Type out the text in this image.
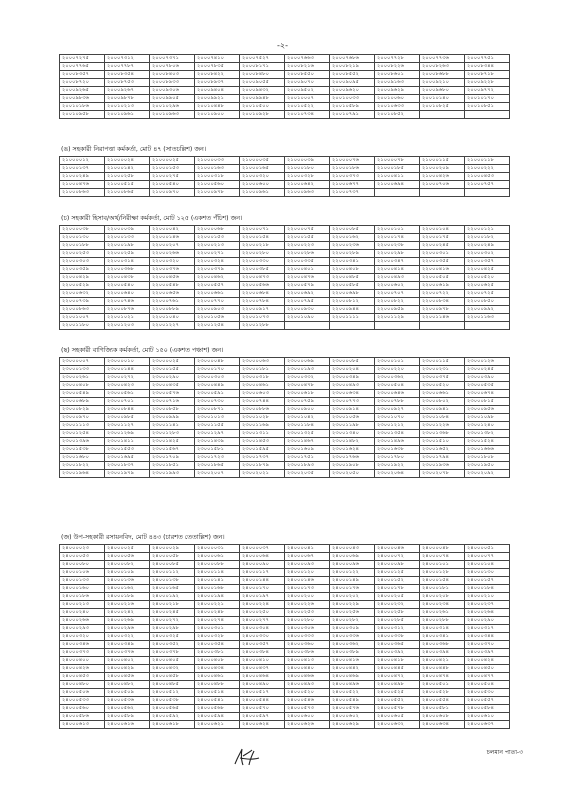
-২-
২০০০৭২৭৫	২০০০৭৩১২	২০০০৭৩৭১	২০০০৭৪১০	২০০০৭৫২৭	২০০০৭৬৬৩	২০০০৭৬৮৬	২০০০৭৭২৮	২০০০৭৭৩৬	২০০০৭৭৫১
২০০০৭৭৬৫	২০০০৭৭৮৭	২০০০৭৮০৬	২০০০৭৮৩৫	২০০০৮১৭১	২০০০৮২১৬	২০০০৮২১৯	২০০০৮২২৬	২০০০৮২৬৩	২০০০৮৩৪৪
২০০০৮৩৫৭	২০০০৮৩৫৪	২০০০৮৪০৩	২০০০৮৪২২	২০০০৮৪৮০	২০০০৮৫৫০	২০০০৮৫৫২	২০০০৮৬০১	২০০০৮৬৮৮	২০০০৮৭১৮
২০০০৮৭২০	২০০০৮৭৫৩	২০০০৮৯৩৩	২০০০৮৯৩৭	২০০০৯০৫৫	২০০০৯০৭০	২০০০৯০৯৫	২০০০৯১৬৩	২০০০৯২১০	২০০০৯২২৮
২০০০৯২৬৫	২০০০৯২৬৭	২০০০৯৩০৬	২০০০৯৪০৪	২০০০৯৪৩২	২০০০৯৫০২	২০০০৯৬২০	২০০০৯৬২৯	২০০০৯৬৮০	২০০০৯৭৭২
২০০০৯৮৩৬	২০০০৯৮৭৮	২০০০৯৯০৫	২০০০৯৯২১	২০০০৯৯৪৮	২০০১০০০৭	২০০১০০৩৩	২০০১০০৬০	২০০১০১৪০	২০০১০১৭০
২০০১০১৮৬	২০০১০২১৩	২০০১০২৯৬	২০০১০৪৪৮	২০০১০৫০০	২০০১০৫২২	২০০১০৫৮৯	২০০১০৬৩৩	২০০১০৮২৫	২০০১০৮৫১
২০০১০৯৫৮	২০০১০৯৬১	২০০১০৯৬৩	২০০১০৯০০	২০০১০৯২৮	২০০১০৭৩৪	২০০১০৭৯১	২০০১০৮৫২		
(ঙ) সহকারী নিরাপত্তা কর্মকর্তা, মোট ৪৭ (সাতচল্লিশ) জন।
২১০০০০১২	২১০০০০২৪	২১০০০০২৫	২১০০০০৩৩	২১০০০০৩৫	২১০০০০৩৯	২১০০০০৭৬	২১০০০০৭৮	২১০০০১১৫	২১০০০১১৮
২১০০০১৩৭	২১০০০১৪২	২১০০০১৫৩	২১০০০১৬৩	২১০০০১৬৫	২১০০০১৮০	২১০০০১৮৬	২১০০০১৮৫	২১০০০২০৯	২১০০০২২২
২১০০০২৪৯	২১০০০২৫৮	২১০০০২৭৫	২১০০০৩১৮	২১০০০৩২০	২১০০০৩২৮	২১০০০৩৭৩	২১০০০৪১১	২১০০০৪২৬	২১০০০৪৫৩
২১০০০৪৭৬	২১০০০৫১৫	২১০০০৫৪০	২১০০০৫৬০	২১০০০৬০০	২১০০০৬৪২	২১০০০৬৭৭	২১০০০৬৯৪	২১০০০৭০৬	২১০০০৭৫৭
২১০০০৮৬৩	২১০০০৮৬৫	২১০০০৯৭০	২১০০০৯৭৮	২১০০০৯৬১	২১০০০৯৬৩	২১০০০৭৩৭			
(চ) সহকারী হিসাব/অর্থ/নিরীক্ষা কর্মকর্তা, মোট ১২৫ (একশত পঁচিশ) জন।
২২০০০০৩৮	২২০০০০৩৯	২২০০০০৪২	২২০০০০৬৮	২২০০০০৭১	২২০০০০৭৫	২২০০০০৮৫	২২০০০১০১	২২০০০১০৪	২২০০০১২১
২২০০০১৩০	২২০০০১৩৩	২২০০০১৪৬	২২০০০১৫৩	২২০০০১৫৪	২২০০০১৫৫	২২০০০১৬২	২২০০০১৭৪	২২০০০১৭৫	২২০০০১৮২
২২০০০১৮৮	২২০০০১৯৮	২২০০০২০৭	২২০০০২১৩	২২০০০২১৮	২২০০০২২৩	২২০০০২৩৬	২২০০০২৩৮	২২০০০২৪৫	২২০০০২৪৯
২২০০০২৫৩	২২০০০২৫৯	২২০০০২৬৬	২২০০০২৭১	২২০০০২৮০	২২০০০২৮৬	২২০০০২৮৯	২২০০০২৯৮	২২০০০৩০১	২২০০০৩০২
২২০০০৩০৩	২২০০০৩১৪	২২০০০৩২০	২২০০০৩২৪	২২০০০৩৩০	২২০০০৩৩৫	২২০০০৩৪১	২২০০০৩৪৭	২২০০০৩৫৫	২২০০০৩৫৭
২২০০০৩৫৯	২২০০০৩৬৮	২২০০০৩৭৬	২২০০০৩৭৯	২২০০০৩৮৫	২২০০০৪০১	২২০০০৪০৮	২২০০০৪১৪	২২০০০৪১৬	২২০০০৪২৫
২২০০০৪২৯	২২০০০৪৩৮	২২০০০৪৫৬	২২০০০৪৬২	২২০০০৪৭৩	২২০০০৪৭৬	২২০০০৪৮৫	২২০০০৪৯৩	২২০০০৫০৫	২২০০০৫২০
২২০০০৫২৯	২২০০০৫৪০	২২০০০৫৪৮	২২০০০৫৫৭	২২০০০৫৬৬	২২০০০৫৭৯	২২০০০৫৮৫	২২০০০৬০২	২২০০০৬১৯	২২০০০৬২৫
২২০০০৬৩২	২২০০০৬৪০	২২০০০৬৫৬	২২০০০৬৬১	২২০০০৬৮৪	২২০০০৬৯২	২২০০০৬৯৮	২২০০০৭০৭	২২০০০৭২২	২২০০০৭২৫
২২০০০৭৩৯	২২০০০৭৪৬	২২০০০৭৬১	২২০০০৭৭০	২২০০০৭৮৪	২২০০০৭৯৫	২২০০০৮১২	২২০০০৮২২	২২০০০৮৩৪	২২০০০৮৫০
২২০০০৮৬৩	২২০০০৮৭৬	২২০০০৮৮৯	২২০০০৯০৩	২২০০০৯১৭	২২০০০৯৩০	২২০০০৯৪৪	২২০০০৯৫৯	২২০০০৯৭৮	২২০০০৯৯২
২২০০১০০৭	২২০০১০২১	২২০০১০৪০	২২০০১০৫৬	২২০০১০৭৩	২২০০১০৯০	২২০০১১১১	২২০০১১২৯	২২০০১১৪৬	২২০০১১৬৩
২২০০১১৮০	২২০০১২০৩	২২০০১২২৭	২২০০১২৫৪	২২০০১২৮৮					
(ছ) সহকারী বাণিজ্যিক কর্মকর্তা, মোট ১৫০ (একশত পঞ্চাশ) জন।
২৩০০০০০৭	২৩০০০০১০	২৩০০০০২৫	২৩০০০০৪৮	২৩০০০০৬৩	২৩০০০০৬৯	২৩০০০০৮৫	২৩০০০১০১	২৩০০০১১৫	২৩০০০১২৬
২৩০০০১৩৩	২৩০০০১৪৪	২৩০০০১৫৫	২৩০০০১৭০	২৩০০০১৮১	২৩০০০১৯৩	২৩০০০২০৪	২৩০০০২২০	২৩০০০২৩১	২৩০০০২৪৫
২৩০০০২৬১	২৩০০০২৭২	২৩০০০২৯০	২৩০০০৩০৩	২৩০০০৩১৮	২৩০০০৩৩২	২৩০০০৩৪৯	২৩০০০৩৬২	২৩০০০৩৭৫	২৩০০০৩৯০
২৩০০০৪০৮	২৩০০০৪২৩	২৩০০০৪৩৫	২৩০০০৪৪৯	২৩০০০৪৬১	২৩০০০৪৭৮	২৩০০০৪৯৩	২৩০০০৫০৪	২৩০০০৫২০	২৩০০০৫৩৫
২৩০০০৫৪৯	২৩০০০৫৬১	২৩০০০৫৭৬	২৩০০০৫৯১	২৩০০০৬০৩	২৩০০০৬১৮	২৩০০০৬৩৪	২৩০০০৬৪৬	২৩০০০৬৬১	২৩০০০৬৭৪
২৩০০০৬৮৯	২৩০০০৭০১	২৩০০০৭১৬	২৩০০০৭৩০	২৩০০০৭৪৪	২৩০০০৭৫৯	২৩০০০৭৭৩	২৩০০০৭৮৮	২৩০০০৮০২	২৩০০০৮১৫
২৩০০০৮২৯	২৩০০০৮৪৪	২৩০০০৮৫৮	২৩০০০৮৭১	২৩০০০৮৮৬	২৩০০০৯০০	২৩০০০৯১৪	২৩০০০৯২৭	২৩০০০৯৪১	২৩০০০৯৫৬
২৩০০০৯৭০	২৩০০০৯৮৫	২৩০০০৯৯৯	২৩০০১০১৩	২৩০০১০২৮	২৩০০১০৪২	২৩০০১০৫৬	২৩০০১০৭০	২৩০০১০৮৪	২৩০০১০৯৮
২৩০০১১১৩	২৩০০১১২৭	২৩০০১১৪১	২৩০০১১৫৫	২৩০০১১৬৯	২৩০০১১৮৪	২৩০০১১৯৮	২৩০০১২১২	২৩০০১২২৬	২৩০০১২৪০
২৩০০১২৫৪	২৩০০১২৬৯	২৩০০১২৮৩	২৩০০১২৯৭	২৩০০১৩১১	২৩০০১৩২৫	২৩০০১৩৪০	২৩০০১৩৫৪	২৩০০১৩৬৮	২৩০০১৩৮২
২৩০০১৩৯৬	২৩০০১৪১১	২৩০০১৪২৫	২৩০০১৪৩৯	২৩০০১৪৫৩	২৩০০১৪৬৭	২৩০০১৪৮২	২৩০০১৪৯৬	২৩০০১৫১০	২৩০০১৫২৪
২৩০০১৫৩৮	২৩০০১৫৫৩	২৩০০১৫৬৭	২৩০০১৫৮১	২৩০০১৫৯৫	২৩০০১৬০৯	২৩০০১৬২৪	২৩০০১৬৩৮	২৩০০১৬৫২	২৩০০১৬৬৬
২৩০০১৬৮০	২৩০০১৬৯৫	২৩০০১৭০৯	২৩০০১৭২৩	২৩০০১৭৩৭	২৩০০১৭৫১	২৩০০১৭৬৬	২৩০০১৭৮০	২৩০০১৭৯৪	২৩০০১৮০৮
২৩০০১৮২২	২৩০০১৮৩৭	২৩০০১৮৫১	২৩০০১৮৬৫	২৩০০১৮৭৯	২৩০০১৮৯৩	২৩০০১৯০৮	২৩০০১৯২২	২৩০০১৯৩৬	২৩০০১৯৫০
২৩০০১৯৬৪	২৩০০১৯৭৯	২৩০০১৯৯৩	২৩০০২০০৭	২৩০০২০২১	২৩০০২০৩৫	২৩০০২০৫০	২৩০০২০৬৪	২৩০০২০৭৮	২৩০০২০৯২
(জ) উপ-সহকারী রসায়নবিদ, মোট ৪৪৩ (চারশত তেতাল্লিশ) জন।
২৪০০০০২৩	২৪০০০০২৫	২৪০০০০২৯	২৪০০০০৩১	২৪০০০০৩৭	২৪০০০০৪১	২৪০০০০৪৩	২৪০০০০৪৬	২৪০০০০৪৮	২৪০০০০৫১
২৪০০০০৫৩	২৪০০০০৫৬	২৪০০০০৫৮	২৪০০০০৬১	২৪০০০০৬৪	২৪০০০০৬৭	২৪০০০০৬৯	২৪০০০০৭২	২৪০০০০৭৪	২৪০০০০৭৭
২৪০০০০৮০	২৪০০০০৮২	২৪০০০০৮৫	২৪০০০০৮৮	২৪০০০০৯০	২৪০০০০৯৩	২৪০০০০৯৬	২৪০০০০৯৮	২৪০০০১০১	২৪০০০১০৪
২৪০০০১০৬	২৪০০০১০৯	২৪০০০১১২	২৪০০০১১৪	২৪০০০১১৭	২৪০০০১২০	২৪০০০১২২	২৪০০০১২৫	২৪০০০১২৮	২৪০০০১৩০
২৪০০০১৩৩	২৪০০০১৩৬	২৪০০০১৩৮	২৪০০০১৪১	২৪০০০১৪৪	২৪০০০১৪৬	২৪০০০১৪৯	২৪০০০১৫২	২৪০০০১৫৪	২৪০০০১৫৭
২৪০০০১৬০	২৪০০০১৬২	২৪০০০১৬৫	২৪০০০১৬৮	২৪০০০১৭০	২৪০০০১৭৩	২৪০০০১৭৬	২৪০০০১৭৮	২৪০০০১৮১	২৪০০০১৮৪
২৪০০০১৮৬	২৪০০০১৮৯	২৪০০০১৯২	২৪০০০১৯৪	২৪০০০১৯৭	২৪০০০২০০	২৪০০০২০২	২৪০০০২০৫	২৪০০০২০৮	২৪০০০২১০
২৪০০০২১৩	২৪০০০২১৬	২৪০০০২১৮	২৪০০০২২১	২৪০০০২২৪	২৪০০০২২৬	২৪০০০২২৯	২৪০০০২৩২	২৪০০০২৩৪	২৪০০০২৩৭
২৪০০০২৪০	২৪০০০২৪২	২৪০০০২৪৫	২৪০০০২৪৮	২৪০০০২৫০	২৪০০০২৫৩	২৪০০০২৫৬	২৪০০০২৫৮	২৪০০০২৬১	২৪০০০২৬৪
২৪০০০২৬৬	২৪০০০২৬৯	২৪০০০২৭২	২৪০০০২৭৪	২৪০০০২৭৭	২৪০০০২৮০	২৪০০০২৮২	২৪০০০২৮৫	২৪০০০২৮৮	২৪০০০২৯০
২৪০০০২৯৩	২৪০০০২৯৬	২৪০০০২৯৮	২৪০০০৩০১	২৪০০০৩০৪	২৪০০০৩০৬	২৪০০০৩০৯	২৪০০০৩১২	২৪০০০৩১৪	২৪০০০৩১৭
২৪০০০৩২০	২৪০০০৩২২	২৪০০০৩২৫	২৪০০০৩২৮	২৪০০০৩৩০	২৪০০০৩৩৩	২৪০০০৩৩৬	২৪০০০৩৩৮	২৪০০০৩৪১	২৪০০০৩৪৪
২৪০০০৩৪৬	২৪০০০৩৪৯	২৪০০০৩৫২	২৪০০০৩৫৪	২৪০০০৩৫৭	২৪০০০৩৬০	২৪০০০৩৬২	২৪০০০৩৬৫	২৪০০০৩৬৮	২৪০০০৩৭০
২৪০০০৩৭৩	২৪০০০৩৭৬	২৪০০০৩৭৮	২৪০০০৩৮১	২৪০০০৩৮৪	২৪০০০৩৮৬	২৪০০০৩৮৯	২৪০০০৩৯২	২৪০০০৩৯৪	২৪০০০৩৯৭
২৪০০০৪০০	২৪০০০৪০২	২৪০০০৪০৫	২৪০০০৪০৮	২৪০০০৪১০	২৪০০০৪১৩	২৪০০০৪১৬	২৪০০০৪১৮	২৪০০০৪২১	২৪০০০৪২৪
২৪০০০৪২৬	২৪০০০৪২৯	২৪০০০৪৩২	২৪০০০৪৩৪	২৪০০০৪৩৭	২৪০০০৪৪০	২৪০০০৪৪২	২৪০০০৪৪৫	২৪০০০৪৪৮	২৪০০০৪৫০
২৪০০০৪৫৩	২৪০০০৪৫৬	২৪০০০৪৫৮	২৪০০০৪৬১	২৪০০০৪৬৪	২৪০০০৪৬৬	২৪০০০৪৬৯	২৪০০০৪৭২	২৪০০০৪৭৪	২৪০০০৪৭৭
২৪০০০৪৮০	২৪০০০৪৮২	২৪০০০৪৮৫	২৪০০০৪৮৮	২৪০০০৪৯০	২৪০০০৪৯৩	২৪০০০৪৯৬	২৪০০০৪৯৮	২৪০০০৫০১	২৪০০০৫০৪
২৪০০০৫০৬	২৪০০০৫০৯	২৪০০০৫১২	২৪০০০৫১৪	২৪০০০৫১৭	২৪০০০৫২০	২৪০০০৫২২	২৪০০০৫২৫	২৪০০০৫২৮	২৪০০০৫৩০
২৪০০০৫৩৩	২৪০০০৫৩৬	২৪০০০৫৩৮	২৪০০০৫৪১	২৪০০০৫৪৪	২৪০০০৫৪৬	২৪০০০৫৪৯	২৪০০০৫৫২	২৪০০০৫৫৪	২৪০০০৫৫৭
২৪০০০৫৬০	২৪০০০৫৬২	২৪০০০৫৬৫	২৪০০০৫৬৮	২৪০০০৫৭০	২৪০০০৫৭৩	২৪০০০৫৭৬	২৪০০০৫৭৮	২৪০০০৫৮১	২৪০০০৫৮৪
২৪০০০৫৮৬	২৪০০০৫৮৯	২৪০০০৫৯২	২৪০০০৫৯৪	২৪০০০৫৯৭	২৪০০০৬০০	২৪০০০৬০২	২৪০০০৬০৫	২৪০০০৬০৮	২৪০০০৬১০
২৪০০০৬১৩	২৪০০০৬১৬	২৪০০০৬১৮	২৪০০০৬২১	২৪০০০৬২৪	২৪০০০৬২৬	২৪০০০৬২৯	২৪০০০৬৩২	২৪০০০৬৩৪	২৪০০০৬৩৭
চলমান পাতা-৩
